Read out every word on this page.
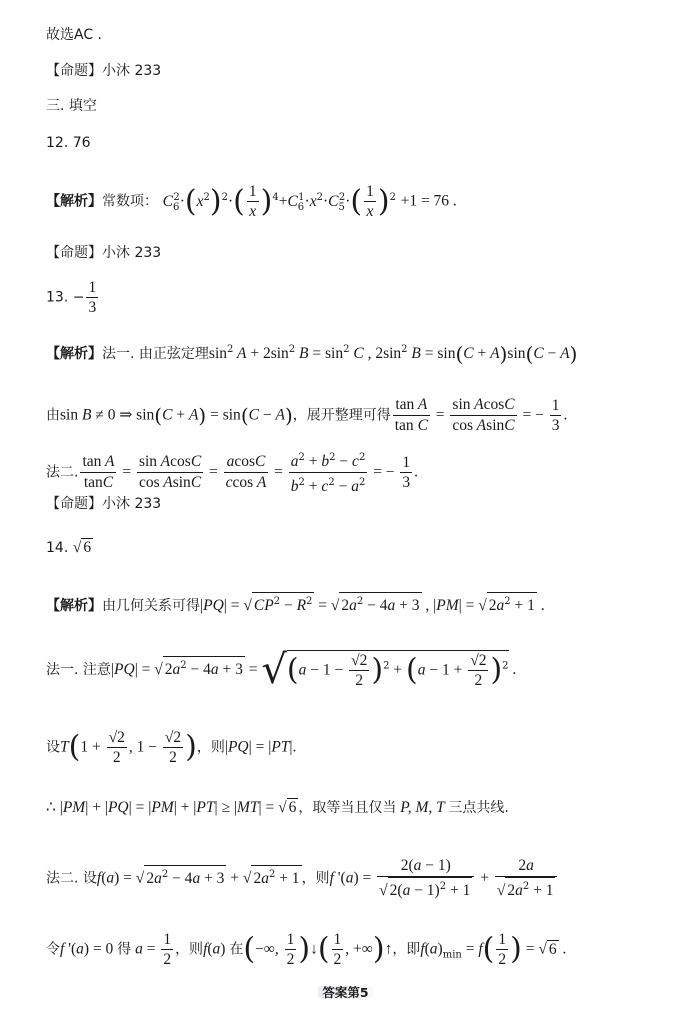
故选AC .
【命题】小沐 233
三. 填空
12. 76
【解析】常数项： $C_6^2\cdot(x^2)^2\cdot( \frac{1}{x} )^4+C_6^1\cdot x^2\cdot C_5^2\cdot( \frac{1}{x} )^2 +1 = 76$ .
【命题】小沐 233
13. − $\frac{1}{3}$
【解析】法一. 由正弦定理$\sin^2 A + 2\sin^2$ $B = \sin^2 C$ , $2\sin^2$ B = sin(C + A)sin(C − A)
由sin B ≠ 0 ⇒ sin(C + A) = sin(C − A)，展开整理可得 $\frac{\text{tan A}}{\text{tan C}} = \frac{\text{sin AcosC}}{\text{cos AsinC}}$ = − $\frac{1}{3}$ .
法二. $\frac{\text{tan A}}{\tan C} = \frac{\text{sin AcosC}}{\text{cos AsinC}} = \frac{acosC}{\text{ccos A}} = \frac{a^2 + b^2 - c^2}{b^2 + c^2 - a^2}$ = − $\frac{1}{3}$ .
【命题】小沐 233
14. √ 6
【解析】由几何关系可得|PQ| = √ $CP^2 - R^2$ = √ $2a^2 - 4a + 3$ , |PM| = √ $2a^2 + 1$ .
法一. 注意|PQ| = √ $2a^2 - 4a + 3 = √(a - 1 - \frac{√2}{2} )^2 + (a - 1 + \frac{√2}{2} )^2$ .
设$T(1 + \frac{√2}{2}$ , $1 - \frac{√2}{2}$ )，则|PQ| = |PT|.
∴ |PM| + |PQ| = |PM| + |PT| ≥ |MT| = √ 6 ，取等当且仅当 P, M, T 三点共线.
法二. 设f(a) = √ $2a^2 - 4a + 3$ + √ $2a^2 + 1$ ，则f '$(a) = \frac{2(a - 1)}{√ 2(a - 1)^2 + 1} + \frac{2a}{√ 2a^2 + 1}$
令f '(a) = 0 得 $a = \frac{1}{2}$ ，则f(a) 在(−∞, $\frac{1}{2}$ )↓( $\frac{1}{2}$ , +∞)↑，即$f(a)_{min} = f( \frac{1}{2}$ ) = √ 6 .
答案第5
